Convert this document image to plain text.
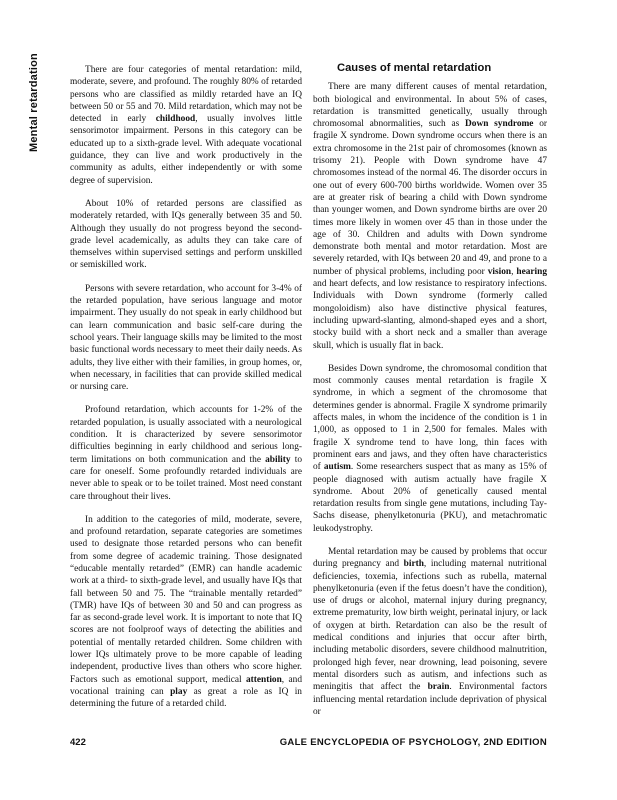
Mental retardation	There are four categories of mental retardation: mild, moderate, severe, and profound. The roughly 80% of retarded persons who are classified as mildly retarded have an IQ between 50 or 55 and 70. Mild retardation, which may not be detected in early childhood, usually involves little sensorimotor impairment. Persons in this category can be educated up to a sixth-grade level. With adequate vocational guidance, they can live and work productively in the community as adults, either independently or with some degree of supervision.

About 10% of retarded persons are classified as moderately retarded, with IQs generally between 35 and 50. Although they usually do not progress beyond the second-grade level academically, as adults they can take care of themselves within supervised settings and perform unskilled or semiskilled work.

Persons with severe retardation, who account for 3-4% of the retarded population, have serious language and motor impairment. They usually do not speak in early childhood but can learn communication and basic self-care during the school years. Their language skills may be limited to the most basic functional words necessary to meet their daily needs. As adults, they live either with their families, in group homes, or, when necessary, in facilities that can provide skilled medical or nursing care.

Profound retardation, which accounts for 1-2% of the retarded population, is usually associated with a neurological condition. It is characterized by severe sensorimotor difficulties beginning in early childhood and serious long-term limitations on both communication and the ability to care for oneself. Some profoundly retarded individuals are never able to speak or to be toilet trained. Most need constant care throughout their lives.

In addition to the categories of mild, moderate, severe, and profound retardation, separate categories are sometimes used to designate those retarded persons who can benefit from some degree of academic training. Those designated “educable mentally retarded” (EMR) can handle academic work at a third- to sixth-grade level, and usually have IQs that fall between 50 and 75. The “trainable mentally retarded” (TMR) have IQs of between 30 and 50 and can progress as far as second-grade level work. It is important to note that IQ scores are not foolproof ways of detecting the abilities and potential of mentally retarded children. Some children with lower IQs ultimately prove to be more capable of leading independent, productive lives than others who score higher. Factors such as emotional support, medical attention, and vocational training can play as great a role as IQ in determining the future of a retarded child.

Causes of mental retardation

There are many different causes of mental retardation, both biological and environmental. In about 5% of cases, retardation is transmitted genetically, usually through chromosomal abnormalities, such as Down syndrome or fragile X syndrome. Down syndrome occurs when there is an extra chromosome in the 21st pair of chromosomes (known as trisomy 21). People with Down syndrome have 47 chromosomes instead of the normal 46. The disorder occurs in one out of every 600-700 births worldwide. Women over 35 are at greater risk of bearing a child with Down syndrome than younger women, and Down syndrome births are over 20 times more likely in women over 45 than in those under the age of 30. Children and adults with Down syndrome demonstrate both mental and motor retardation. Most are severely retarded, with IQs between 20 and 49, and prone to a number of physical problems, including poor vision, hearing and heart defects, and low resistance to respiratory infections. Individuals with Down syndrome (formerly called mongoloidism) also have distinctive physical features, including upward-slanting, almond-shaped eyes and a short, stocky build with a short neck and a smaller than average skull, which is usually flat in back.

Besides Down syndrome, the chromosomal condition that most commonly causes mental retardation is fragile X syndrome, in which a segment of the chromosome that determines gender is abnormal. Fragile X syndrome primarily affects males, in whom the incidence of the condition is 1 in 1,000, as opposed to 1 in 2,500 for females. Males with fragile X syndrome tend to have long, thin faces with prominent ears and jaws, and they often have characteristics of autism. Some researchers suspect that as many as 15% of people diagnosed with autism actually have fragile X syndrome. About 20% of genetically caused mental retardation results from single gene mutations, including Tay-Sachs disease, phenylketonuria (PKU), and metachromatic leukodystrophy.

Mental retardation may be caused by problems that occur during pregnancy and birth, including maternal nutritional deficiencies, toxemia, infections such as rubella, maternal phenylketonuria (even if the fetus doesn’t have the condition), use of drugs or alcohol, maternal injury during pregnancy, extreme prematurity, low birth weight, perinatal injury, or lack of oxygen at birth. Retardation can also be the result of medical conditions and injuries that occur after birth, including metabolic disorders, severe childhood malnutrition, prolonged high fever, near drowning, lead poisoning, severe mental disorders such as autism, and infections such as meningitis that affect the brain. Environmental factors influencing mental retardation include deprivation of physical or

422	GALE ENCYCLOPEDIA OF PSYCHOLOGY, 2ND EDITION
